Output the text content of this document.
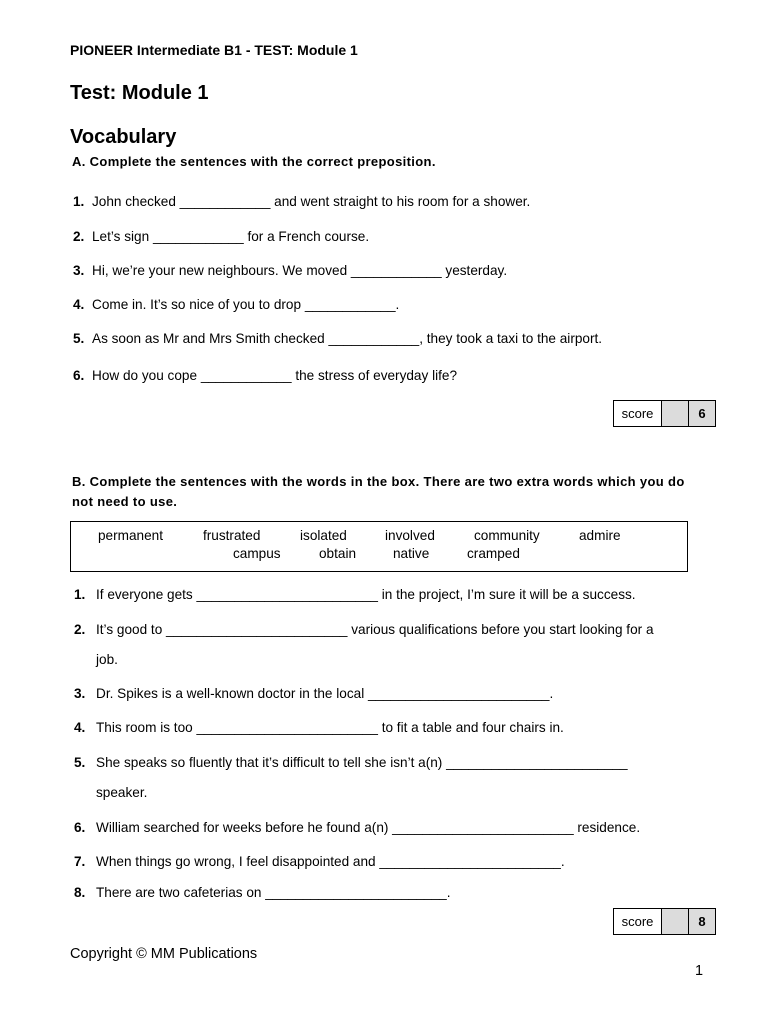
PIONEER Intermediate B1 - TEST: Module 1
Test: Module 1
Vocabulary
A. Complete the sentences with the correct preposition.
1. John checked ____________ and went straight to his room for a shower.
2. Let’s sign ____________ for a French course.
3. Hi, we’re your new neighbours. We moved ____________ yesterday.
4. Come in. It’s so nice of you to drop ____________.
5. As soon as Mr and Mrs Smith checked ____________, they took a taxi to the airport.
6. How do you cope ____________ the stress of everyday life?
score	6
B. Complete the sentences with the words in the box. There are two extra words which you do not need to use.
permanent	frustrated	isolated	involved	community	admire
campus	obtain	native	cramped
1. If everyone gets ________________________ in the project, I’m sure it will be a success.
2. It’s good to ________________________ various qualifications before you start looking for a
job.
3. Dr. Spikes is a well-known doctor in the local ________________________.
4. This room is too ________________________ to fit a table and four chairs in.
5. She speaks so fluently that it’s difficult to tell she isn’t a(n) ________________________
speaker.
6. William searched for weeks before he found a(n) ________________________ residence.
7. When things go wrong, I feel disappointed and ________________________.
8. There are two cafeterias on ________________________.
score	8
Copyright © MM Publications
1
